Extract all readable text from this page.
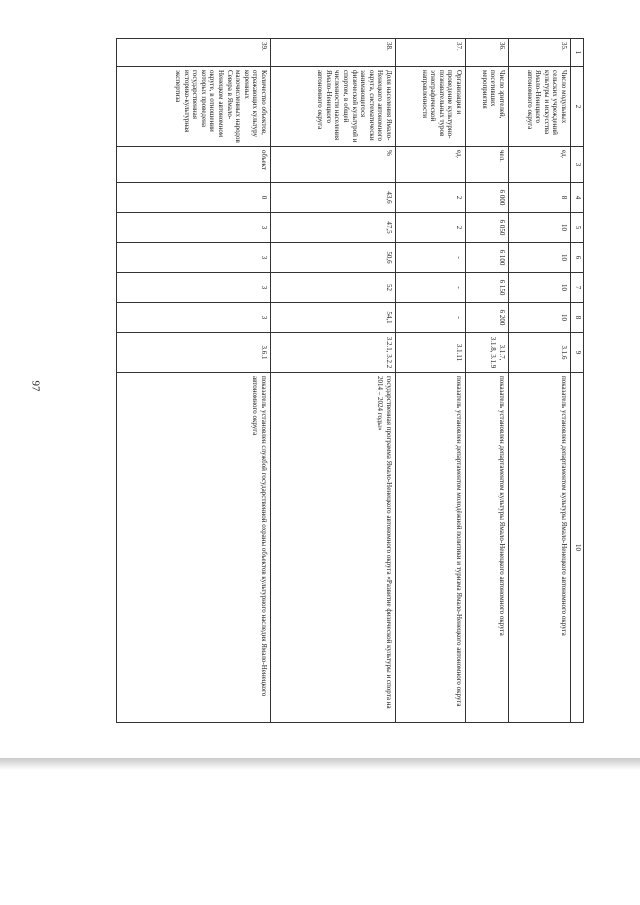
97
1	2	3	4	5	6	7	8	9	10
35.	Число модульных сельских учреждений культуры и искусства Ямало-Ненецкого автономного округа	ед.	8	10	10	10	10	3.1.6	показатель установлен департаментом культуры Ямало-Ненецкого автономного округа
36.	Число зрителей, посетивших мероприятия	чел.	6 000	6 050	6 100	6 150	6 200	3.1.7, 3.1.8, 3.1.9	показатель установлен департаментом культуры Ямало-Ненецкого автономного округа
37.	Организация и проведение культурно-познавательных туров этнографической направленности	ед.	2	2	-	-	-	3.1.11	показатель установлен департаментом молодёжной политики и туризма Ямало-Ненецкого автономного округа
38.	Доля населения Ямало-Ненецкого автономного округа, систематически занимающегося физической культурой и спортом, в общей численности населения Ямало-Ненецкого автономного округа	%	43,6	47,5	50,6	52	54,1	3.2.1, 3.2.2	государственная программа Ямало-Ненецкого автономного округа «Развитие физической культуры и спорта на 2014 – 2024 годы»
39.	Количество объектов, отражающих культуру коренных малочисленных народов Севера в Ямало-Ненецком автономном округе, в отношении которых проведена государственная историко-культурная экспертиза	объект	0	3	3	3	3	3.6.1	показатель установлен службой государственной охраны объектов культурного наследия Ямало-Ненецкого автономного округа
